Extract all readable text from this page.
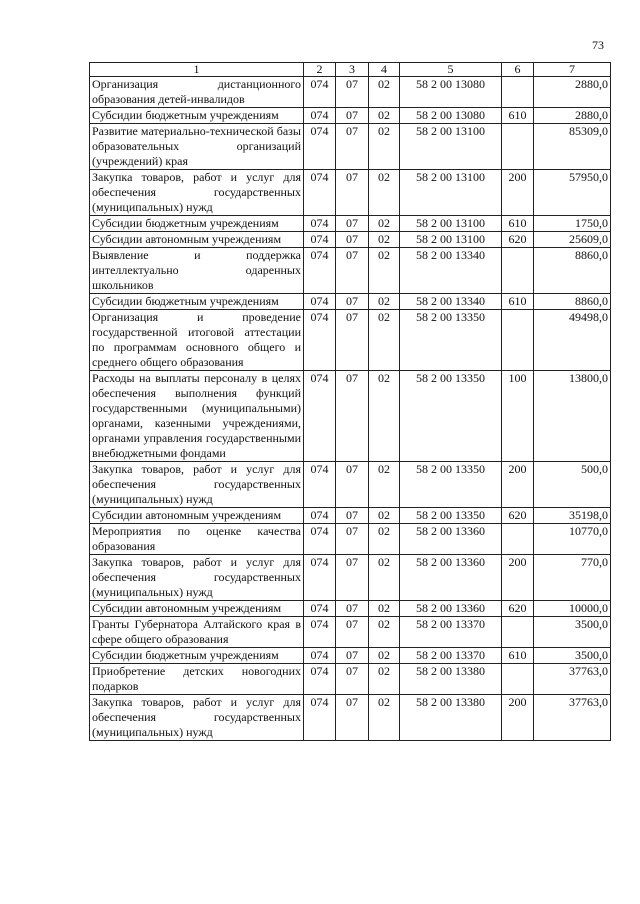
73
1	2	3	4	5	6	7
Организация дистанционного образования детей-инвалидов	074	07	02	58 2 00 13080		2880,0
Субсидии бюджетным учреждениям	074	07	02	58 2 00 13080	610	2880,0
Развитие материально-технической базы образовательных организаций (учреждений) края	074	07	02	58 2 00 13100		85309,0
Закупка товаров, работ и услуг для обеспечения государственных (муниципальных) нужд	074	07	02	58 2 00 13100	200	57950,0
Субсидии бюджетным учреждениям	074	07	02	58 2 00 13100	610	1750,0
Субсидии автономным учреждениям	074	07	02	58 2 00 13100	620	25609,0
Выявление и поддержка интеллектуально одаренных школьников	074	07	02	58 2 00 13340		8860,0
Субсидии бюджетным учреждениям	074	07	02	58 2 00 13340	610	8860,0
Организация и проведение государственной итоговой аттестации по программам основного общего и среднего общего образования	074	07	02	58 2 00 13350		49498,0
Расходы на выплаты персоналу в целях обеспечения выполнения функций государственными (муниципальными) органами, казенными учреждениями, органами управления государственными внебюджетными фондами	074	07	02	58 2 00 13350	100	13800,0
Закупка товаров, работ и услуг для обеспечения государственных (муниципальных) нужд	074	07	02	58 2 00 13350	200	500,0
Субсидии автономным учреждениям	074	07	02	58 2 00 13350	620	35198,0
Мероприятия по оценке качества образования	074	07	02	58 2 00 13360		10770,0
Закупка товаров, работ и услуг для обеспечения государственных (муниципальных) нужд	074	07	02	58 2 00 13360	200	770,0
Субсидии автономным учреждениям	074	07	02	58 2 00 13360	620	10000,0
Гранты Губернатора Алтайского края в сфере общего образования	074	07	02	58 2 00 13370		3500,0
Субсидии бюджетным учреждениям	074	07	02	58 2 00 13370	610	3500,0
Приобретение детских новогодних подарков	074	07	02	58 2 00 13380		37763,0
Закупка товаров, работ и услуг для обеспечения государственных (муниципальных) нужд	074	07	02	58 2 00 13380	200	37763,0
